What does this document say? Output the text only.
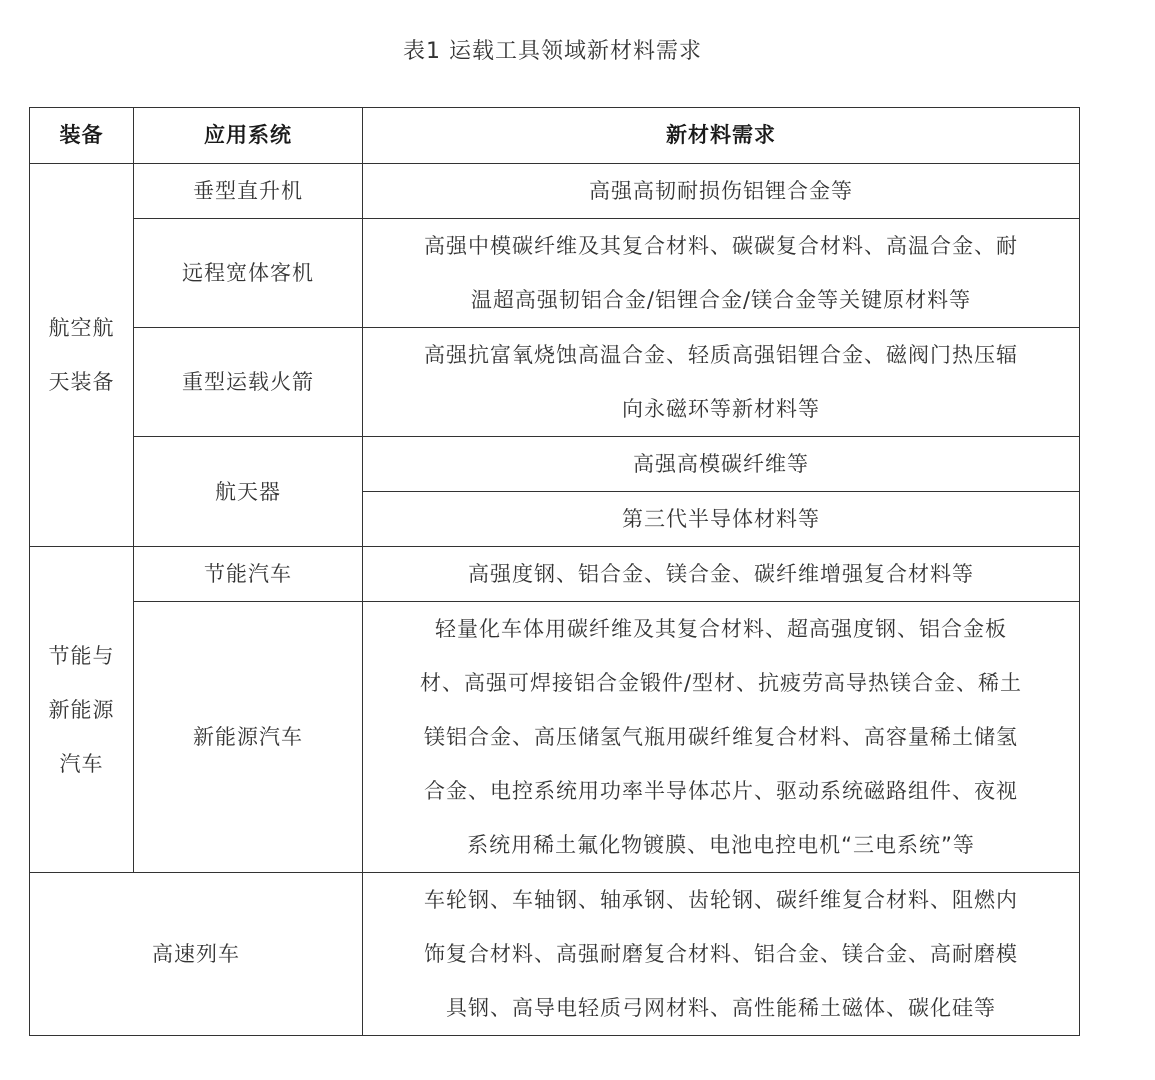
表1 运载工具领域新材料需求
装备	应用系统	新材料需求

航空航
天装备	垂型直升机	高强高韧耐损伤铝锂合金等

	远程宽体客机	高强中模碳纤维及其复合材料、碳碳复合材料、高温合金、耐
温超高强韧铝合金/铝锂合金/镁合金等关键原材料等

	重型运载火箭	高强抗富氧烧蚀高温合金、轻质高强铝锂合金、磁阀门热压辐
向永磁环等新材料等

	航天器	高强高模碳纤维等

		第三代半导体材料等

节能与
新能源
汽车	节能汽车	高强度钢、铝合金、镁合金、碳纤维增强复合材料等

	新能源汽车	轻量化车体用碳纤维及其复合材料、超高强度钢、铝合金板
材、高强可焊接铝合金锻件/型材、抗疲劳高导热镁合金、稀土
镁铝合金、高压储氢气瓶用碳纤维复合材料、高容量稀土储氢
合金、电控系统用功率半导体芯片、驱动系统磁路组件、夜视
系统用稀土氟化物镀膜、电池电控电机“三电系统”等

高速列车		车轮钢、车轴钢、轴承钢、齿轮钢、碳纤维复合材料、阻燃内
饰复合材料、高强耐磨复合材料、铝合金、镁合金、高耐磨模
具钢、高导电轻质弓网材料、高性能稀土磁体、碳化硅等
